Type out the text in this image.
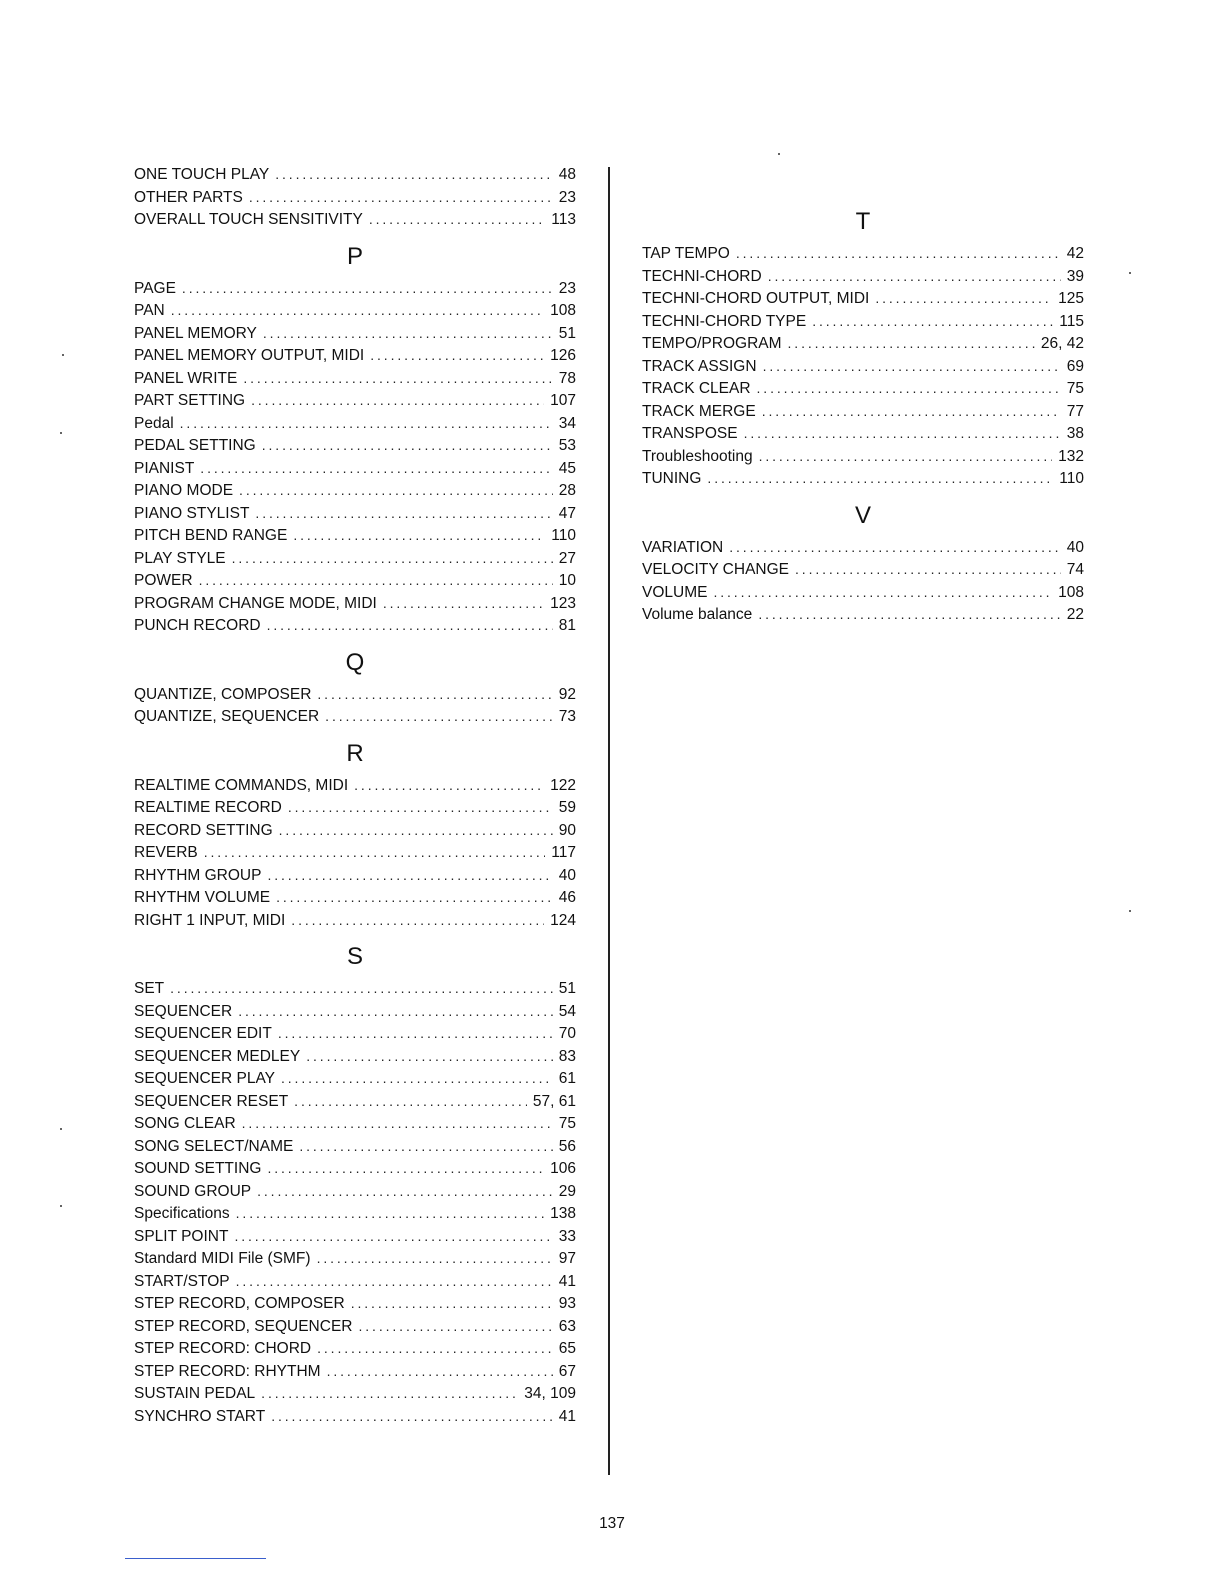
ONE TOUCH PLAY . . .	48
OTHER PARTS . . .	23
OVERALL TOUCH SENSITIVITY . . .	113
P
PAGE . . .	23
PAN . . .	108
PANEL MEMORY . . .	51
PANEL MEMORY OUTPUT, MIDI . . .	126
PANEL WRITE . . .	78
PART SETTING . . .	107
Pedal . . .	34
PEDAL SETTING . . .	53
PIANIST . . .	45
PIANO MODE . . .	28
PIANO STYLIST . . .	47
PITCH BEND RANGE . . .	110
PLAY STYLE . . .	27
POWER . . .	10
PROGRAM CHANGE MODE, MIDI . . .	123
PUNCH RECORD . . .	81
Q
QUANTIZE, COMPOSER . . .	92
QUANTIZE, SEQUENCER . . .	73
R
REALTIME COMMANDS, MIDI . . .	122
REALTIME RECORD . . .	59
RECORD SETTING . . .	90
REVERB . . .	117
RHYTHM GROUP . . .	40
RHYTHM VOLUME . . .	46
RIGHT 1 INPUT, MIDI . . .	124
S
SET . . .	51
SEQUENCER . . .	54
SEQUENCER EDIT . . .	70
SEQUENCER MEDLEY . . .	83
SEQUENCER PLAY . . .	61
SEQUENCER RESET . . .	57, 61
SONG CLEAR . . .	75
SONG SELECT/NAME . . .	56
SOUND SETTING . . .	106
SOUND GROUP . . .	29
Specifications . . .	138
SPLIT POINT . . .	33
Standard MIDI File (SMF) . . .	97
START/STOP . . .	41
STEP RECORD, COMPOSER . . .	93
STEP RECORD, SEQUENCER . . .	63
STEP RECORD: CHORD . . .	65
STEP RECORD: RHYTHM . . .	67
SUSTAIN PEDAL . . .	34, 109
SYNCHRO START . . .	41
T
TAP TEMPO . . .	42
TECHNI-CHORD . . .	39
TECHNI-CHORD OUTPUT, MIDI . . .	125
TECHNI-CHORD TYPE . . .	115
TEMPO/PROGRAM . . .	26, 42
TRACK ASSIGN . . .	69
TRACK CLEAR . . .	75
TRACK MERGE . . .	77
TRANSPOSE . . .	38
Troubleshooting . . .	132
TUNING . . .	110
V
VARIATION . . .	40
VELOCITY CHANGE . . .	74
VOLUME . . .	108
Volume balance . . .	22
137
